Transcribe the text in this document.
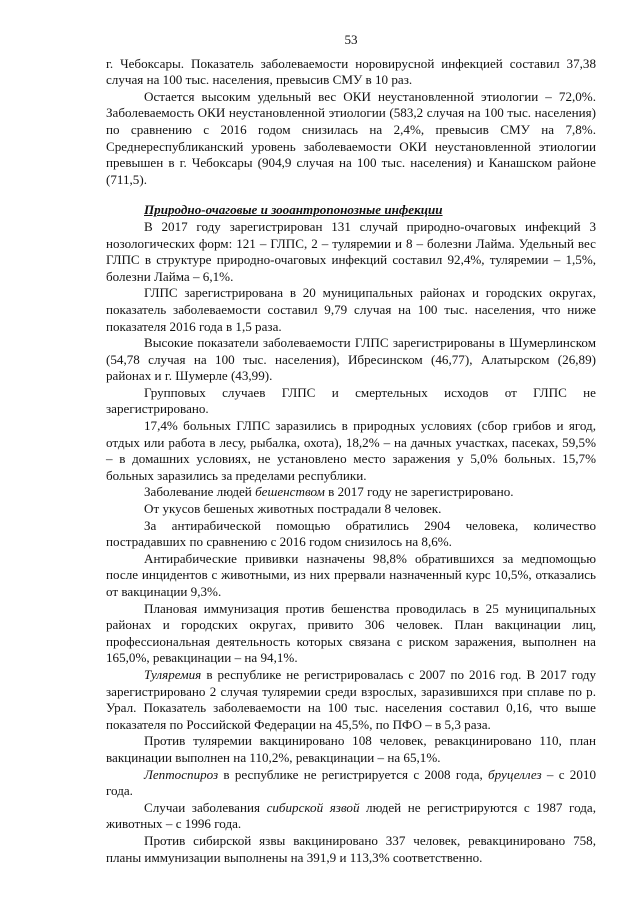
53

г. Чебоксары. Показатель заболеваемости норовирусной инфекцией составил 37,38 случая на 100 тыс. населения, превысив СМУ в 10 раз.

Остается высоким удельный вес ОКИ неустановленной этиологии – 72,0%. Заболеваемость ОКИ неустановленной этиологии (583,2 случая на 100 тыс. населения) по сравнению с 2016 годом снизилась на 2,4%, превысив СМУ на 7,8%. Среднереспубликанский уровень заболеваемости ОКИ неустановленной этиологии превышен в г. Чебоксары (904,9 случая на 100 тыс. населения) и Канашском районе (711,5).

Природно-очаговые и зооантропонозные инфекции

В 2017 году зарегистрирован 131 случай природно-очаговых инфекций 3 нозологических форм: 121 – ГЛПС, 2 – туляремии и 8 – болезни Лайма. Удельный вес ГЛПС в структуре природно-очаговых инфекций составил 92,4%, туляремии – 1,5%, болезни Лайма – 6,1%.

ГЛПС зарегистрирована в 20 муниципальных районах и городских округах, показатель заболеваемости составил 9,79 случая на 100 тыс. населения, что ниже показателя 2016 года в 1,5 раза.

Высокие показатели заболеваемости ГЛПС зарегистрированы в Шумерлинском (54,78 случая на 100 тыс. населения), Ибресинском (46,77), Алатырском (26,89) районах и г. Шумерле (43,99).

Групповых случаев ГЛПС и смертельных исходов от ГЛПС не зарегистрировано.

17,4% больных ГЛПС заразились в природных условиях (сбор грибов и ягод, отдых или работа в лесу, рыбалка, охота), 18,2% – на дачных участках, пасеках, 59,5% – в домашних условиях, не установлено место заражения у 5,0% больных. 15,7% больных заразились за пределами республики.

Заболевание людей бешенством в 2017 году не зарегистрировано.

От укусов бешеных животных пострадали 8 человек.

За антирабической помощью обратились 2904 человека, количество пострадавших по сравнению с 2016 годом снизилось на 8,6%.

Антирабические прививки назначены 98,8% обратившихся за медпомощью после инцидентов с животными, из них прервали назначенный курс 10,5%, отказались от вакцинации 9,3%.

Плановая иммунизация против бешенства проводилась в 25 муниципальных районах и городских округах, привито 306 человек. План вакцинации лиц, профессиональная деятельность которых связана с риском заражения, выполнен на 165,0%, ревакцинации – на 94,1%.

Туляремия в республике не регистрировалась с 2007 по 2016 год. В 2017 году зарегистрировано 2 случая туляремии среди взрослых, заразившихся при сплаве по р. Урал. Показатель заболеваемости на 100 тыс. населения составил 0,16, что выше показателя по Российской Федерации на 45,5%, по ПФО – в 5,3 раза.

Против туляремии вакцинировано 108 человек, ревакцинировано 110, план вакцинации выполнен на 110,2%, ревакцинации – на 65,1%.

Лептоспироз в республике не регистрируется с 2008 года, бруцеллез – с 2010 года.

Случаи заболевания сибирской язвой людей не регистрируются с 1987 года, животных – с 1996 года.

Против сибирской язвы вакцинировано 337 человек, ревакцинировано 758, планы иммунизации выполнены на 391,9 и 113,3% соответственно.
